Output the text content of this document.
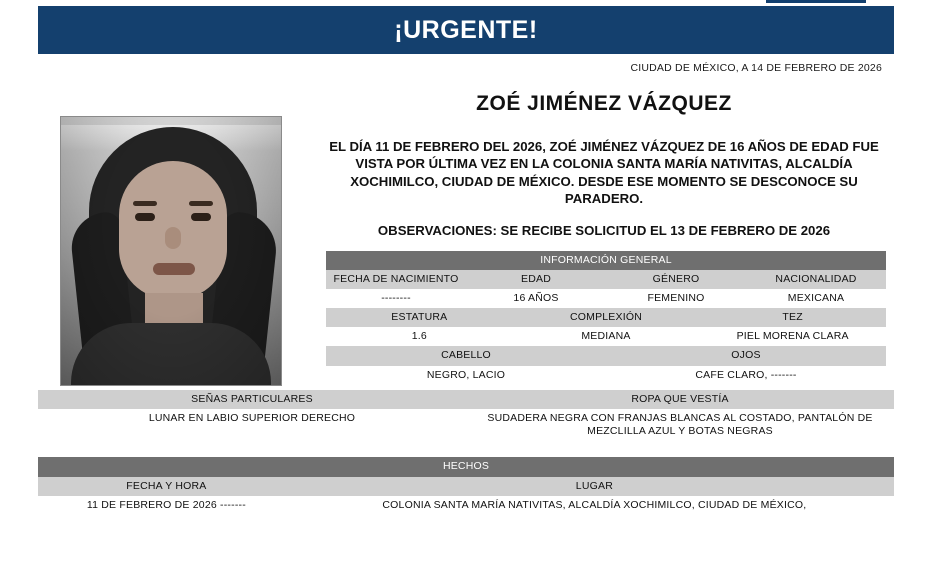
¡URGENTE!
CIUDAD DE MÉXICO, A 14 DE FEBRERO DE 2026
ZOÉ JIMÉNEZ VÁZQUEZ
EL DÍA 11 DE FEBRERO DEL 2026, ZOÉ JIMÉNEZ VÁZQUEZ DE 16 AÑOS DE EDAD FUE VISTA POR ÚLTIMA VEZ EN LA COLONIA SANTA MARÍA NATIVITAS, ALCALDÍA XOCHIMILCO, CIUDAD DE MÉXICO. DESDE ESE MOMENTO SE DESCONOCE SU PARADERO.
OBSERVACIONES: SE RECIBE SOLICITUD EL 13 DE FEBRERO DE 2026
INFORMACIÓN GENERAL
FECHA DE NACIMIENTO	EDAD	GÉNERO	NACIONALIDAD
--------	16 AÑOS	FEMENINO	MEXICANA
ESTATURA	COMPLEXIÓN	TEZ
1.6	MEDIANA	PIEL MORENA CLARA
CABELLO	OJOS
NEGRO, LACIO	CAFE CLARO, -------
SEÑAS PARTICULARES	ROPA QUE VESTÍA
LUNAR EN LABIO SUPERIOR DERECHO	SUDADERA NEGRA CON FRANJAS BLANCAS AL COSTADO, PANTALÓN DE MEZCLILLA AZUL Y BOTAS NEGRAS
HECHOS
FECHA Y HORA	LUGAR
11 DE FEBRERO DE 2026 -------	COLONIA SANTA MARÍA NATIVITAS, ALCALDÍA XOCHIMILCO, CIUDAD DE MÉXICO,
